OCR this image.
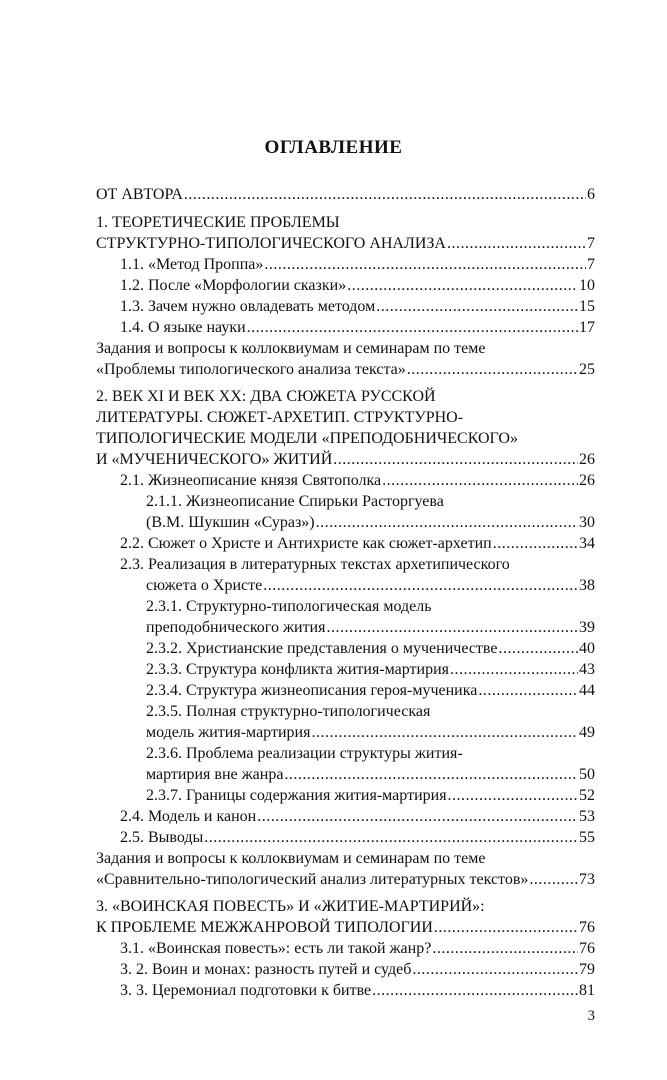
ОГЛАВЛЕНИЕ
ОТ АВТОРА .....	6
1. ТЕОРЕТИЧЕСКИЕ ПРОБЛЕМЫ
СТРУКТУРНО-ТИПОЛОГИЧЕСКОГО АНАЛИЗА .....	7
1.1. «Метод Проппа» .....	7
1.2. После «Морфологии сказки» .....	10
1.3. Зачем нужно овладевать методом .....	15
1.4. О языке науки .....	17
Задания и вопросы к коллоквиумам и семинарам по теме
«Проблемы типологического анализа текста» .....	25
2. ВЕК XI И ВЕК XX: ДВА СЮЖЕТА РУССКОЙ
ЛИТЕРАТУРЫ. СЮЖЕТ-АРХЕТИП. СТРУКТУРНО-
ТИПОЛОГИЧЕСКИЕ МОДЕЛИ «ПРЕПОДОБНИЧЕСКОГО»
И «МУЧЕНИЧЕСКОГО» ЖИТИЙ .....	26
2.1. Жизнеописание князя Святополка .....	26
2.1.1. Жизнеописание Спирьки Расторгуева
(В.М. Шукшин «Сураз») .....	30
2.2. Сюжет о Христе и Антихристе как сюжет-архетип .....	34
2.3. Реализация в литературных текстах архетипического
сюжета о Христе .....	38
2.3.1. Структурно-типологическая модель
преподобнического жития .....	39
2.3.2. Христианские представления о мученичестве .....	40
2.3.3. Структура конфликта жития-мартирия .....	43
2.3.4. Структура жизнеописания героя-мученика .....	44
2.3.5. Полная структурно-типологическая
модель жития-мартирия .....	49
2.3.6. Проблема реализации структуры жития-
мартирия вне жанра .....	50
2.3.7. Границы содержания жития-мартирия .....	52
2.4. Модель и канон .....	53
2.5. Выводы .....	55
Задания и вопросы к коллоквиумам и семинарам по теме
«Сравнительно-типологический анализ литературных текстов» .....	73
3. «ВОИНСКАЯ ПОВЕСТЬ» И «ЖИТИЕ-МАРТИРИЙ»:
К ПРОБЛЕМЕ МЕЖЖАНРОВОЙ ТИПОЛОГИИ .....	76
3.1. «Воинская повесть»: есть ли такой жанр? .....	76
3. 2. Воин и монах: разность путей и судеб .....	79
3. 3. Церемониал подготовки к битве .....	81
3
